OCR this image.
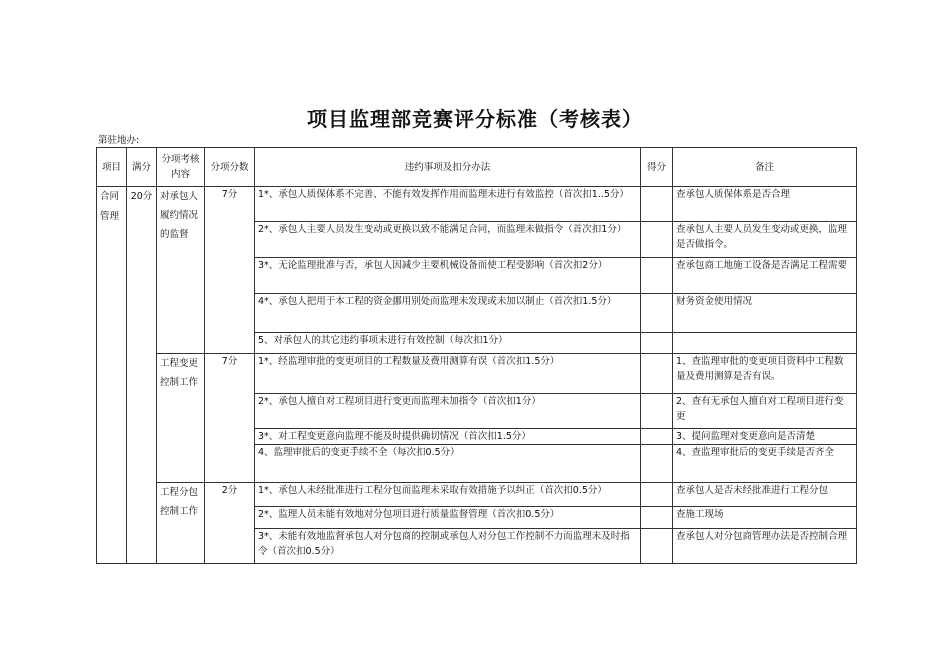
项目监理部竞赛评分标准（考核表）
第驻地办:
项目	满分	分项考核内容	分项分数	违约事项及扣分办法	得分	备注
合同管理	20分	对承包人履约情况的监督	7分	1*、承包人质保体系不完善、不能有效发挥作用而监理未进行有效监控（首次扣1..5分）		查承包人质保体系是否合理
				2*、承包人主要人员发生变动或更换以致不能满足合同，而监理未做指令（首次扣1分）		查承包人主要人员发生变动或更换，监理是否做指令。
				3*、无论监理批准与否，承包人因减少主要机械设备而使工程受影响（首次扣2分）		查承包商工地施工设备是否满足工程需要
				4*、承包人把用于本工程的资金挪用别处而监理未发现或未加以制止（首次扣1.5分）		财务资金使用情况
				5、对承包人的其它违约事项未进行有效控制（每次扣1分）		
		工程变更控制工作	7分	1*、经监理审批的变更项目的工程数量及费用测算有误（首次扣1.5分）		1、查监理审批的变更项目资料中工程数量及费用测算是否有误。
				2*、承包人擅自对工程项目进行变更而监理未加指令（首次扣1分）		2、查有无承包人擅自对工程项目进行变更
				3*、对工程变更意向监理不能及时提供确切情况（首次扣1.5分）		3、提问监理对变更意向是否清楚
				4、监理审批后的变更手续不全（每次扣0.5分）		4、查监理审批后的变更手续是否齐全
		工程分包控制工作	2分	1*、承包人未经批准进行工程分包而监理未采取有效措施予以纠正（首次扣0.5分）		查承包人是否未经批准进行工程分包
				2*、监理人员未能有效地对分包项目进行质量监督管理（首次扣0.5分）		查施工现场
				3*、未能有效地监督承包人对分包商的控制或承包人对分包工作控制不力而监理未及时指令（首次扣0.5分）		查承包人对分包商管理办法是否控制合理
